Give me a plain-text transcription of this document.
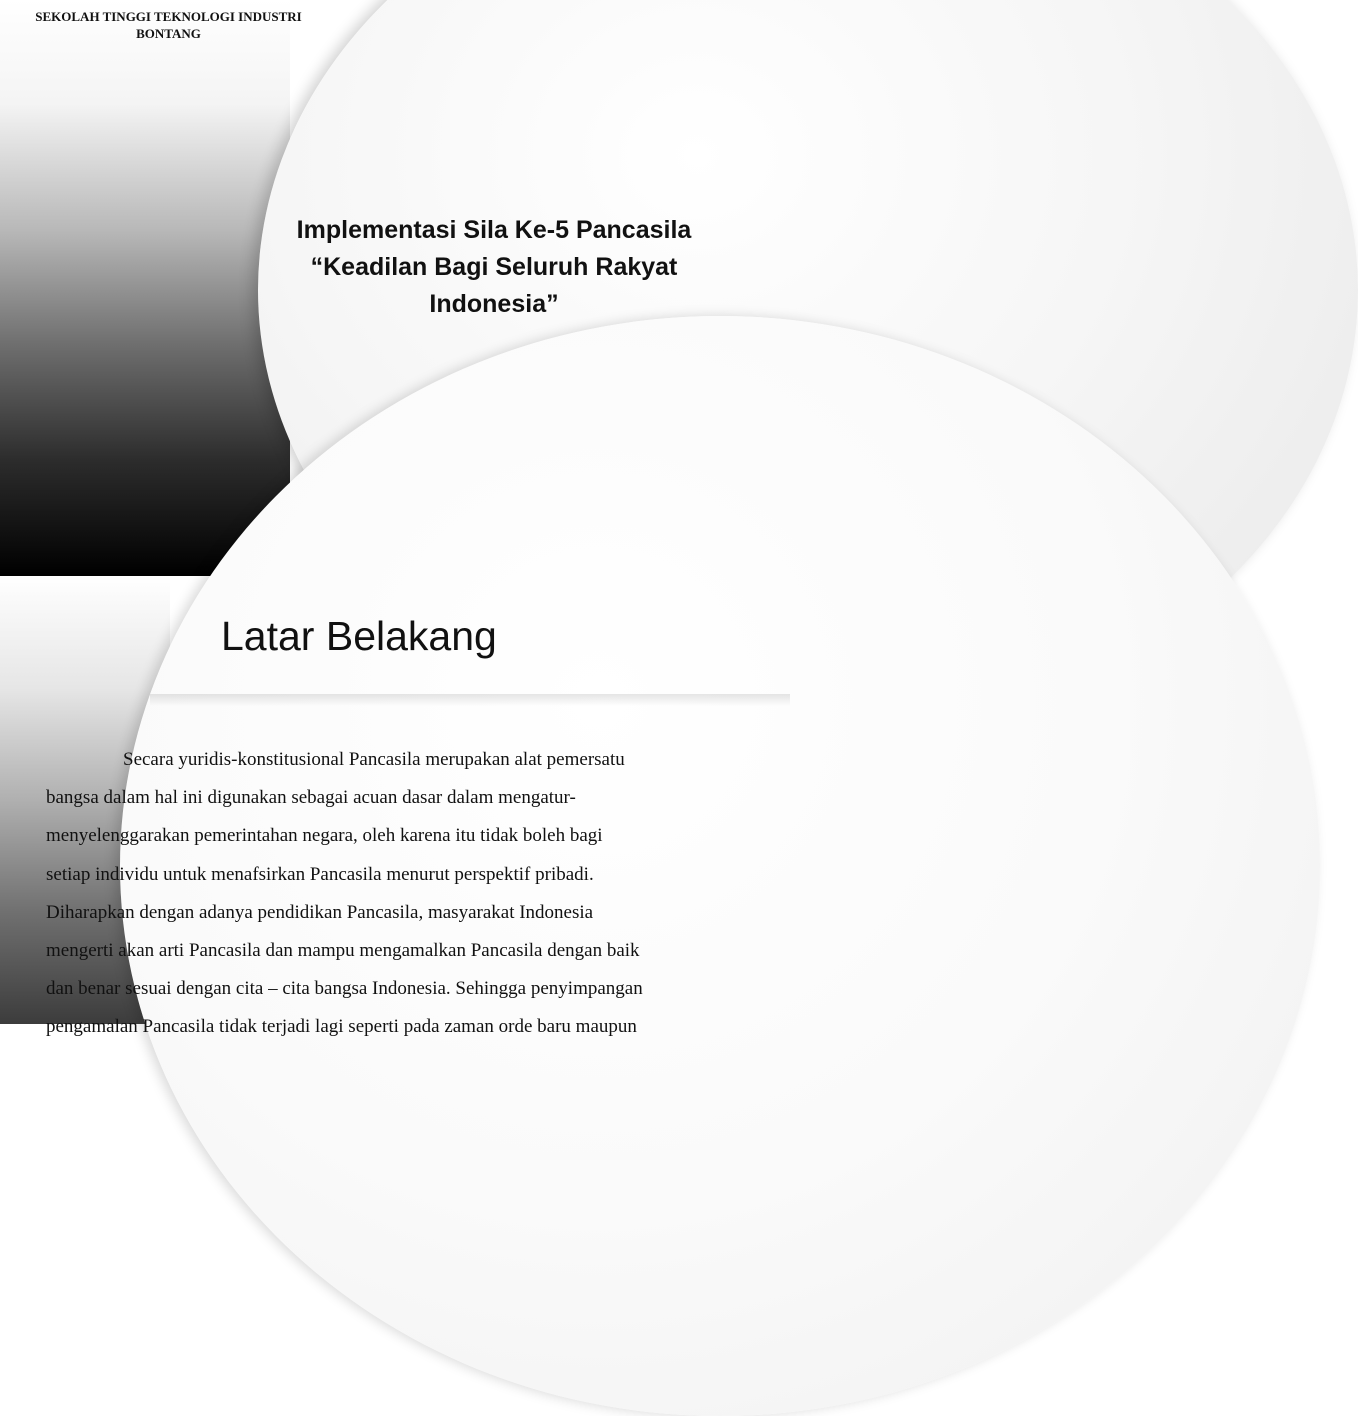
SEKOLAH TINGGI TEKNOLOGI INDUSTRI
BONTANG
Implementasi Sila Ke-5 Pancasila
“Keadilan Bagi Seluruh Rakyat
Indonesia”
Latar Belakang
Secara yuridis-konstitusional Pancasila merupakan alat pemersatu
bangsa dalam hal ini digunakan sebagai acuan dasar dalam mengatur-
menyelenggarakan pemerintahan negara, oleh karena itu tidak boleh bagi
setiap individu untuk menafsirkan Pancasila menurut perspektif pribadi.
Diharapkan dengan adanya pendidikan Pancasila, masyarakat Indonesia
mengerti akan arti Pancasila dan mampu mengamalkan Pancasila dengan baik
dan benar sesuai dengan cita – cita bangsa Indonesia. Sehingga penyimpangan
pengamalan Pancasila tidak terjadi lagi seperti pada zaman orde baru maupun
